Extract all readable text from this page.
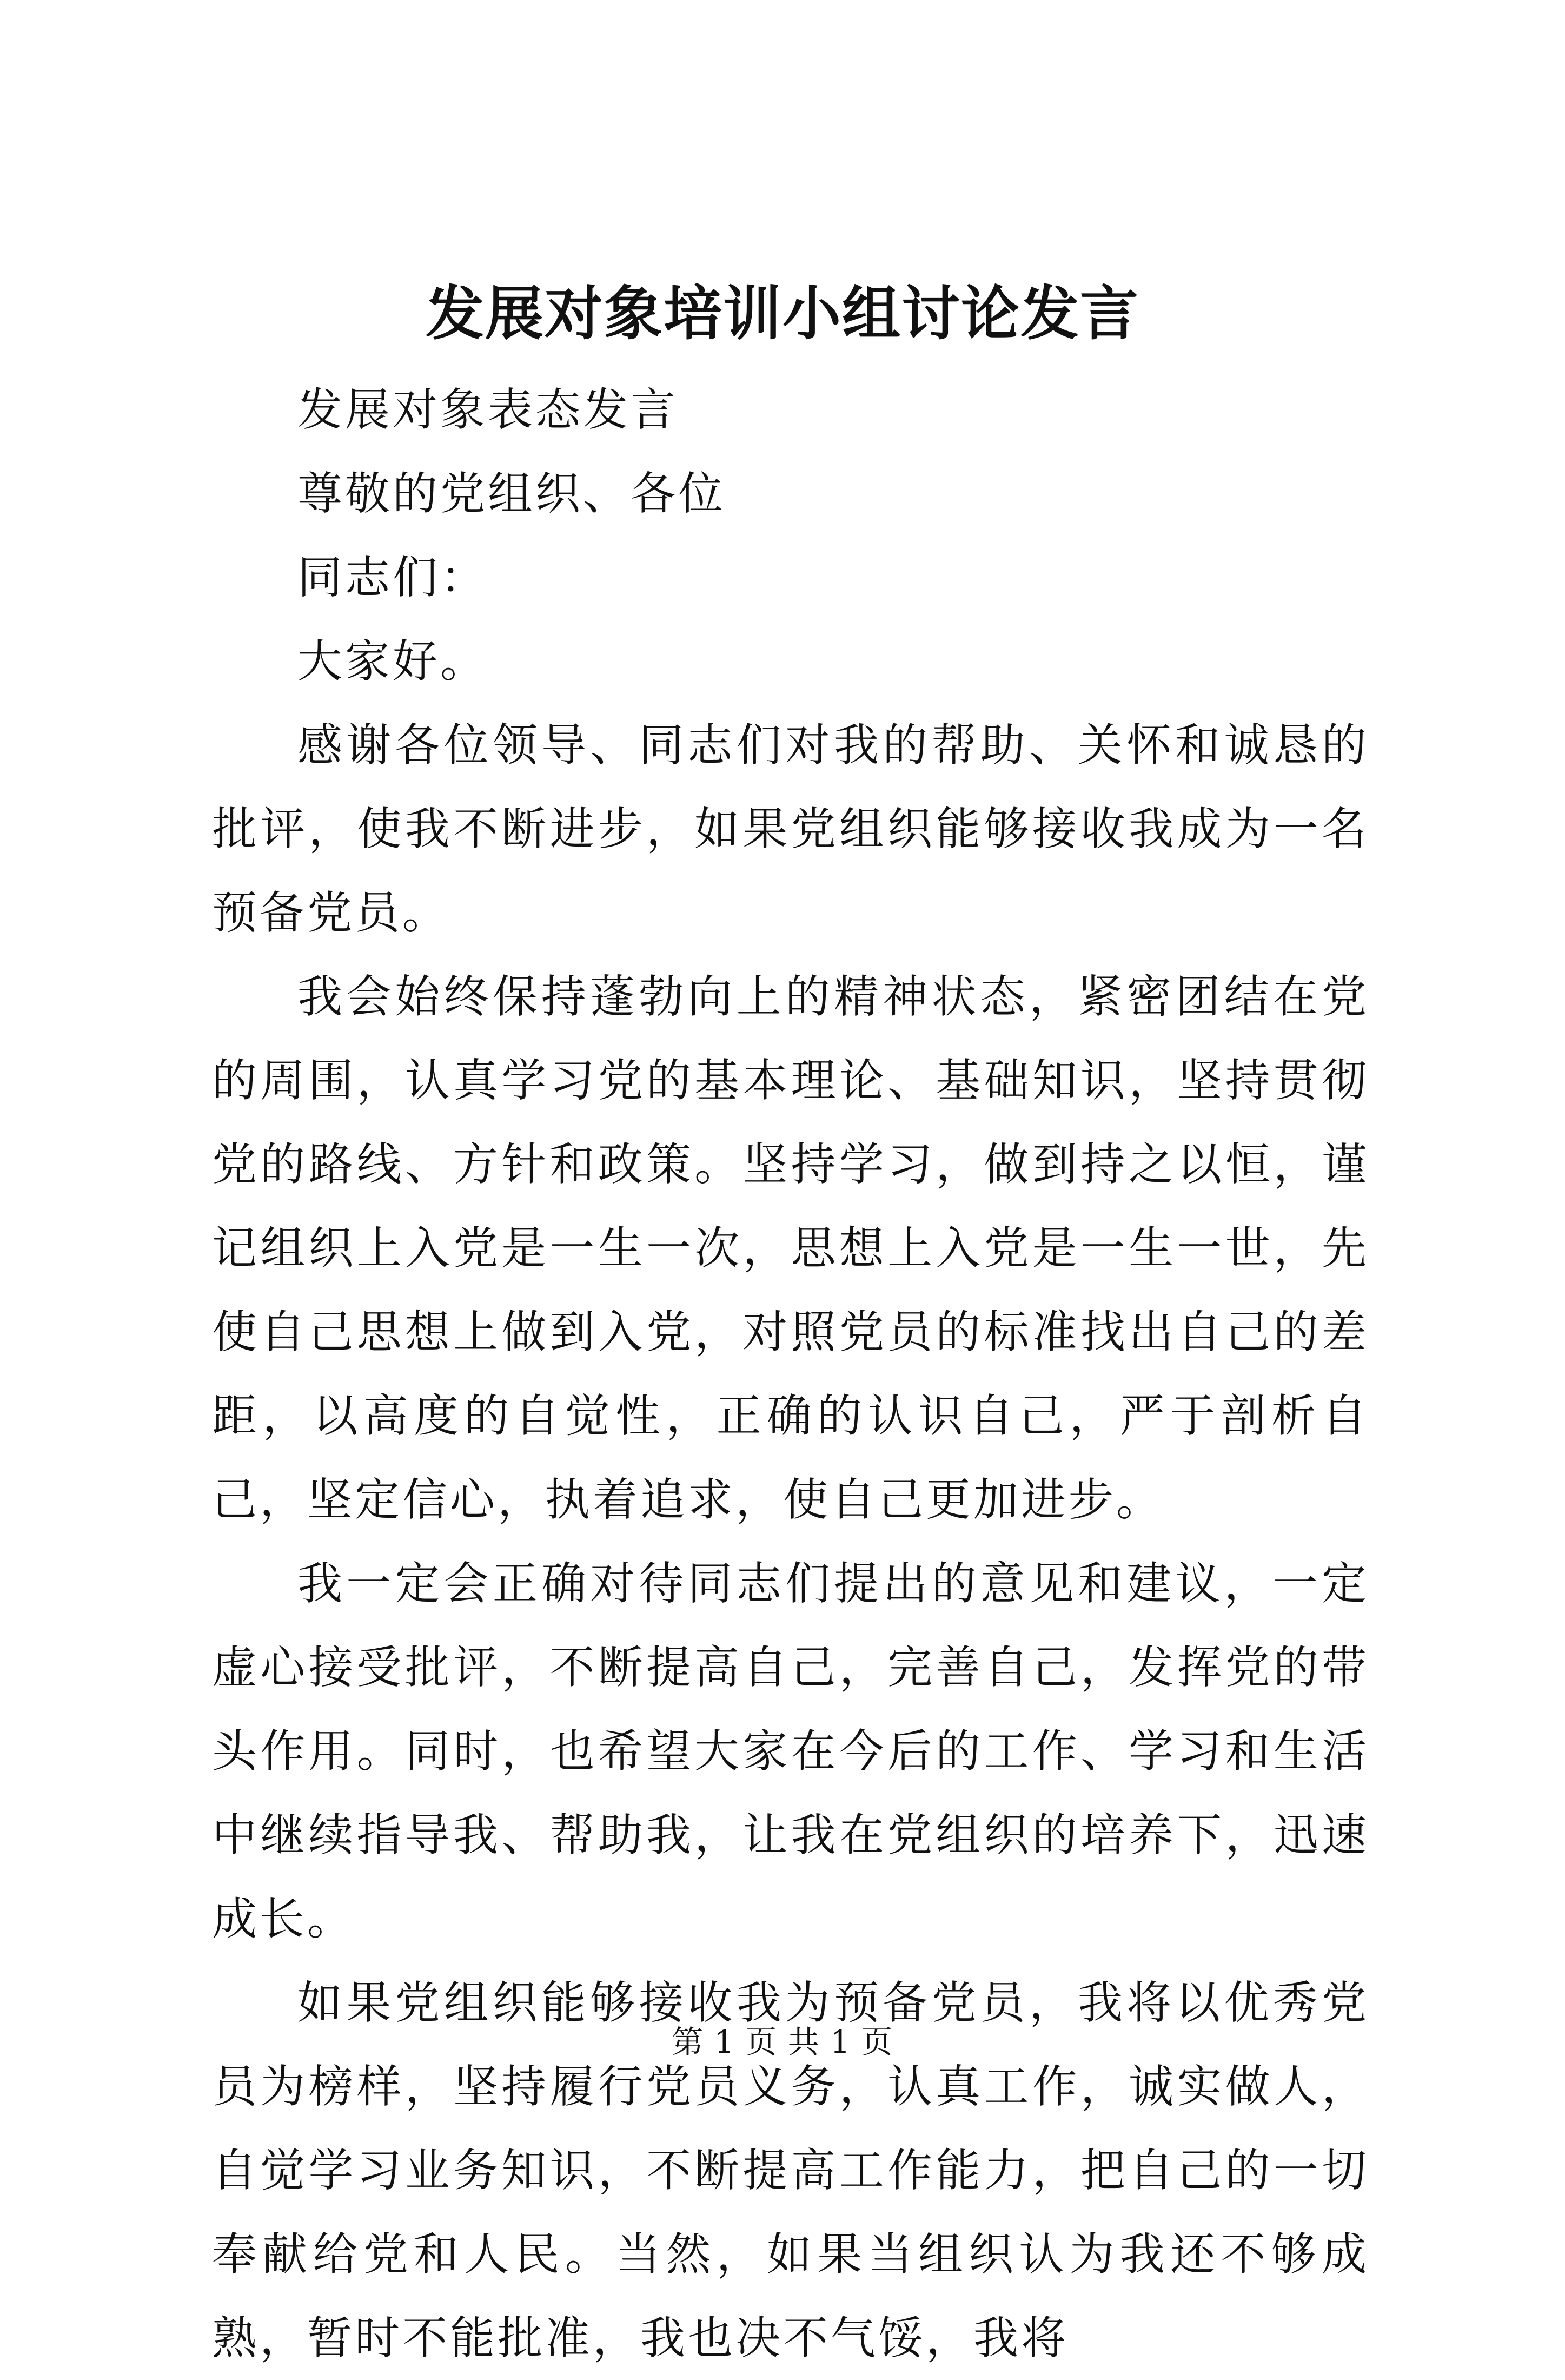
发展对象培训小组讨论发言

发展对象表态发言

尊敬的党组织、各位

同志们：

大家好。

感谢各位领导、同志们对我的帮助、关怀和诚恳的批评，使我不断进步，如果党组织能够接收我成为一名预备党员。

我会始终保持蓬勃向上的精神状态，紧密团结在党的周围，认真学习党的基本理论、基础知识，坚持贯彻党的路线、方针和政策。坚持学习，做到持之以恒，谨记组织上入党是一生一次，思想上入党是一生一世，先使自己思想上做到入党，对照党员的标准找出自己的差距，以高度的自觉性，正确的认识自己，严于剖析自己，坚定信心，执着追求，使自己更加进步。

我一定会正确对待同志们提出的意见和建议，一定虚心接受批评，不断提高自己，完善自己，发挥党的带头作用。同时，也希望大家在今后的工作、学习和生活中继续指导我、帮助我，让我在党组织的培养下，迅速成长。

如果党组织能够接收我为预备党员，我将以优秀党员为榜样，坚持履行党员义务，认真工作，诚实做人，自觉学习业务知识，不断提高工作能力，把自己的一切奉献给党和人民。当然，如果当组织认为我还不够成熟，暂时不能批准，我也决不气馁，我将

第 1 页 共 1 页
